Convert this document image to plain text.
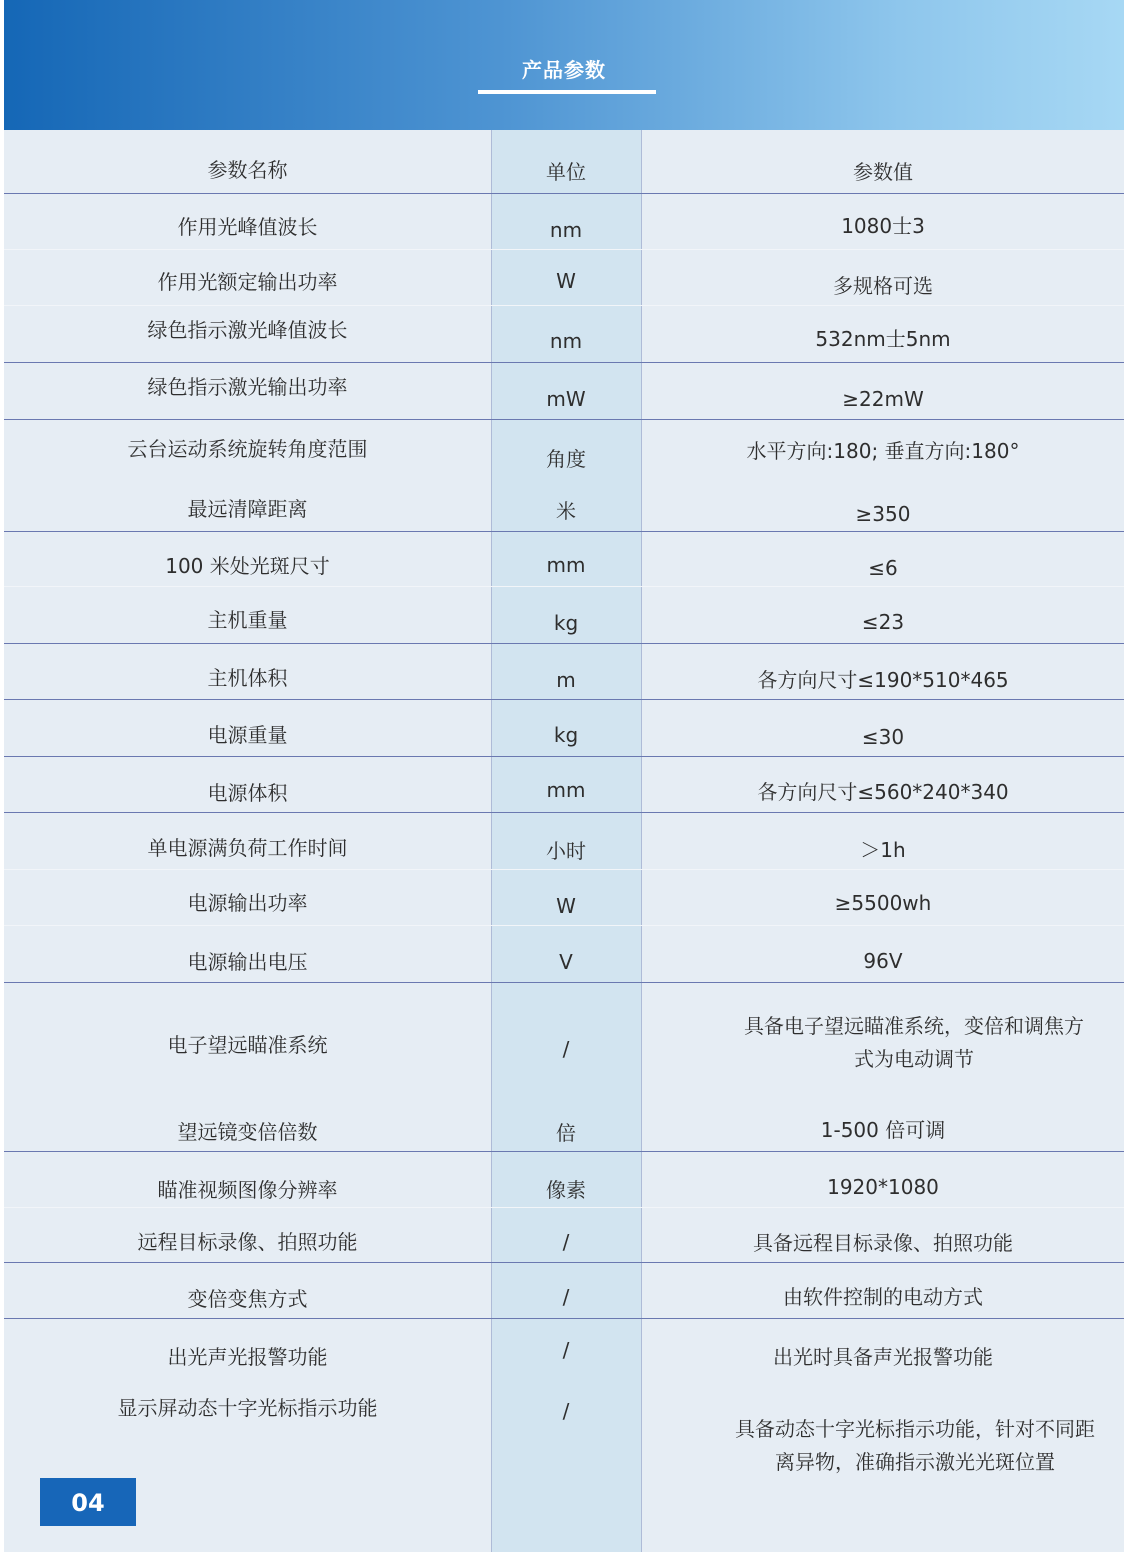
产品参数
参数名称	单位	参数值
作用光峰值波长	nm	1080士3
作用光额定输出功率	W	多规格可选
绿色指示激光峰值波长	nm	532nm士5nm
绿色指示激光输出功率	mW	≥22mW
云台运动系统旋转角度范围	角度	水平方向:180; 垂直方向:180°
最远清障距离	米	≥350
100 米处光斑尺寸	mm	≤6
主机重量	kg	≤23
主机体积	m	各方向尺寸≤190*510*465
电源重量	kg	≤30
电源体积	mm	各方向尺寸≤560*240*340
单电源满负荷工作时间	小时	＞1h
电源输出功率	W	≥5500wh
电源输出电压	V	96V
电子望远瞄准系统	/
具备电子望远瞄准系统，变倍和调焦方式为电动调节
望远镜变倍倍数	倍	1-500 倍可调
瞄准视频图像分辨率	像素	1920*1080
远程目标录像、拍照功能	/	具备远程目标录像、拍照功能
变倍变焦方式	/	由软件控制的电动方式
出光声光报警功能	/	出光时具备声光报警功能
显示屏动态十字光标指示功能	/
具备动态十字光标指示功能，针对不同距离异物，准确指示激光光斑位置
04
